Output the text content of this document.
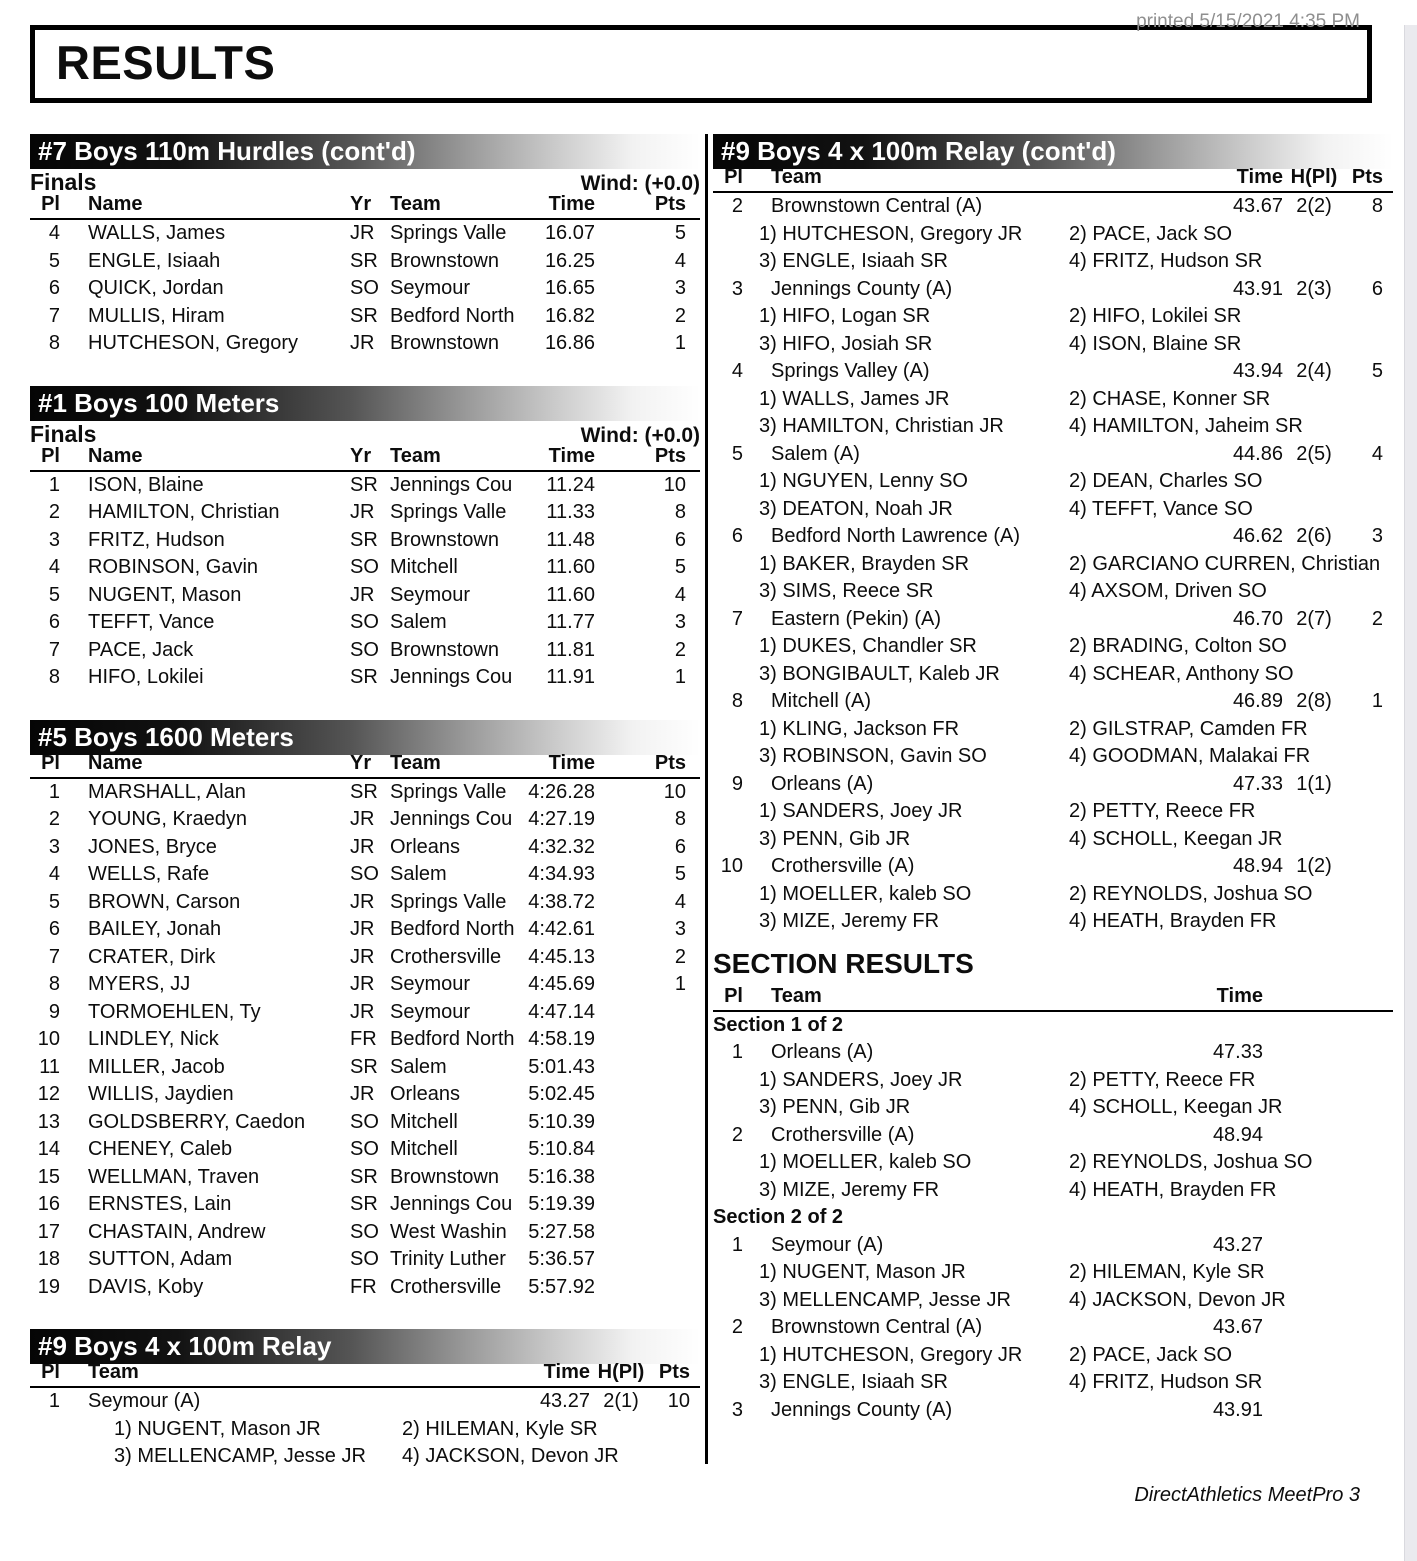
printed 5/15/2021 4:35 PM
RESULTS
#7 Boys 110m Hurdles (cont'd)
Finals	Wind: (+0.0)
Pl	Name	Yr Team	Time	Pts
4	WALLS, James	JR Springs Valle	16.07	5
5	ENGLE, Isiaah	SR Brownstown	16.25	4
6	QUICK, Jordan	SO Seymour	16.65	3
7	MULLIS, Hiram	SR Bedford North	16.82	2
8	HUTCHESON, Gregory	JR Brownstown	16.86	1
#1 Boys 100 Meters
Finals	Wind: (+0.0)
Pl	Name	Yr Team	Time	Pts
1	ISON, Blaine	SR Jennings Cou	11.24	10
2	HAMILTON, Christian	JR Springs Valle	11.33	8
3	FRITZ, Hudson	SR Brownstown	11.48	6
4	ROBINSON, Gavin	SO Mitchell	11.60	5
5	NUGENT, Mason	JR Seymour	11.60	4
6	TEFFT, Vance	SO Salem	11.77	3
7	PACE, Jack	SO Brownstown	11.81	2
8	HIFO, Lokilei	SR Jennings Cou	11.91	1
#5 Boys 1600 Meters
Pl	Name	Yr Team	Time	Pts
1	MARSHALL, Alan	SR Springs Valle	4:26.28	10
2	YOUNG, Kraedyn	JR Jennings Cou 4:27.19	8
3	JONES, Bryce	JR Orleans	4:32.32	6
4	WELLS, Rafe	SO Salem	4:34.93	5
5	BROWN, Carson	JR Springs Valle	4:38.72	4
6	BAILEY, Jonah	JR Bedford North 4:42.61	3
7	CRATER, Dirk	JR Crothersville	4:45.13	2
8	MYERS, JJ	JR Seymour	4:45.69	1
9	TORMOEHLEN, Ty	JR Seymour	4:47.14
10	LINDLEY, Nick	FR Bedford North 4:58.19
11	MILLER, Jacob	SR Salem	5:01.43
12	WILLIS, Jaydien	JR Orleans	5:02.45
13	GOLDSBERRY, Caedon	SO Mitchell	5:10.39
14	CHENEY, Caleb	SO Mitchell	5:10.84
15	WELLMAN, Traven	SR Brownstown	5:16.38
16	ERNSTES, Lain	SR Jennings Cou 5:19.39
17	CHASTAIN, Andrew	SO West Washin	5:27.58
18	SUTTON, Adam	SO Trinity Luther	5:36.57
19	DAVIS, Koby	FR Crothersville	5:57.92
#9 Boys 4 x 100m Relay
Pl	Team	Time H(Pl) Pts
1	Seymour (A)	43.27 2(1)	10
1) NUGENT, Mason JR	2) HILEMAN, Kyle SR
3) MELLENCAMP, Jesse JR	4) JACKSON, Devon JR
#9 Boys 4 x 100m Relay (cont'd)
Pl	Team	Time H(Pl) Pts
2	Brownstown Central (A)	43.67 2(2)	8
1) HUTCHESON, Gregory JR	2) PACE, Jack SO
3) ENGLE, Isiaah SR	4) FRITZ, Hudson SR
3	Jennings County (A)	43.91 2(3)	6
1) HIFO, Logan SR	2) HIFO, Lokilei SR
3) HIFO, Josiah SR	4) ISON, Blaine SR
4	Springs Valley (A)	43.94 2(4)	5
1) WALLS, James JR	2) CHASE, Konner SR
3) HAMILTON, Christian JR	4) HAMILTON, Jaheim SR
5	Salem (A)	44.86 2(5)	4
1) NGUYEN, Lenny SO	2) DEAN, Charles SO
3) DEATON, Noah JR	4) TEFFT, Vance SO
6	Bedford North Lawrence (A)	46.62 2(6)	3
1) BAKER, Brayden SR	2) GARCIANO CURREN, Christian
3) SIMS, Reece SR	4) AXSOM, Driven SO
7	Eastern (Pekin) (A)	46.70 2(7)	2
1) DUKES, Chandler SR	2) BRADING, Colton SO
3) BONGIBAULT, Kaleb JR	4) SCHEAR, Anthony SO
8	Mitchell (A)	46.89 2(8)	1
1) KLING, Jackson FR	2) GILSTRAP, Camden FR
3) ROBINSON, Gavin SO	4) GOODMAN, Malakai FR
9	Orleans (A)	47.33 1(1)
1) SANDERS, Joey JR	2) PETTY, Reece FR
3) PENN, Gib JR	4) SCHOLL, Keegan JR
10	Crothersville (A)	48.94 1(2)
1) MOELLER, kaleb SO	2) REYNOLDS, Joshua SO
3) MIZE, Jeremy FR	4) HEATH, Brayden FR
SECTION RESULTS
Pl	Team	Time
Section 1 of 2
1	Orleans (A)	47.33
1) SANDERS, Joey JR	2) PETTY, Reece FR
3) PENN, Gib JR	4) SCHOLL, Keegan JR
2	Crothersville (A)	48.94
1) MOELLER, kaleb SO	2) REYNOLDS, Joshua SO
3) MIZE, Jeremy FR	4) HEATH, Brayden FR
Section 2 of 2
1	Seymour (A)	43.27
1) NUGENT, Mason JR	2) HILEMAN, Kyle SR
3) MELLENCAMP, Jesse JR	4) JACKSON, Devon JR
2	Brownstown Central (A)	43.67
1) HUTCHESON, Gregory JR	2) PACE, Jack SO
3) ENGLE, Isiaah SR	4) FRITZ, Hudson SR
3	Jennings County (A)	43.91
DirectAthletics MeetPro 3
